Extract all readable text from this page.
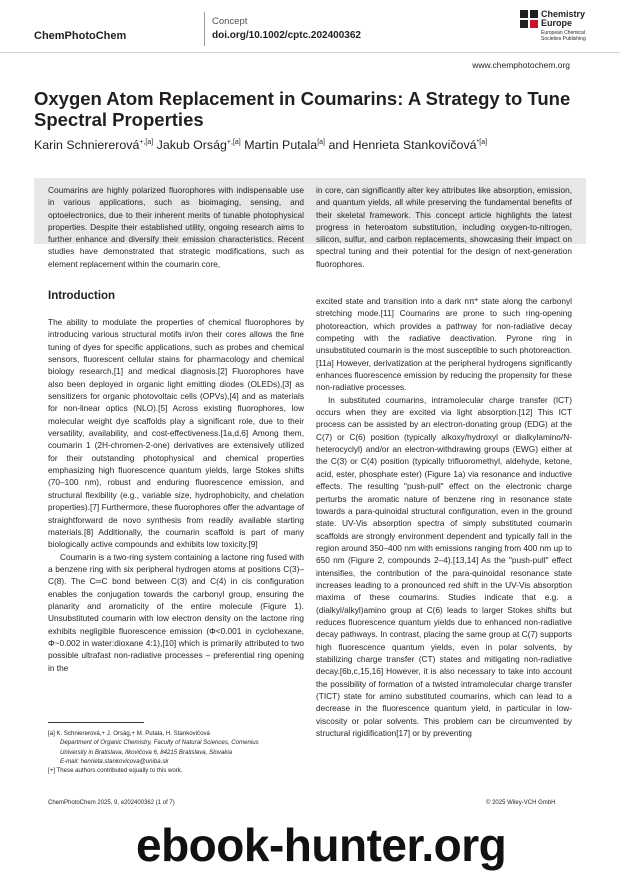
ChemPhotoChem
Concept
doi.org/10.1002/cptc.202400362
Chemistry
Europe
European Chemical Societies Publishing
www.chemphotochem.org
Oxygen Atom Replacement in Coumarins: A Strategy to Tune Spectral Properties
Karin Schniererová$^{+,[a]}$ Jakub Orság$^{+,[a]}$ Martin Putala[a] and Henrieta Stankovičová$^{*[a]}$
Coumarins are highly polarized fluorophores with indispensable use in various applications, such as bioimaging, sensing, and optoelectronics, due to their inherent merits of tunable photophysical properties. Despite their established utility, ongoing research aims to further enhance and diversify their emission characteristics. Recent studies have demonstrated that strategic modifications, such as element replacement within the coumarin core,
in core, can significantly alter key attributes like absorption, emission, and quantum yields, all while preserving the fundamental benefits of their skeletal framework. This concept article highlights the latest progress in heteroatom substitution, including oxygen-to-nitrogen, silicon, sulfur, and carbon replacements, showcasing their impact on spectral tuning and their potential for the design of next-generation fluorophores.
Introduction

The ability to modulate the properties of chemical fluorophores by introducing various structural motifs in/on their cores allows the fine tuning of dyes for specific applications, such as probes and chemical sensors, fluorescent cellular stains for pharmacology and chemical biology research,[1] and medical diagnosis.[2] Fluorophores have also been deployed in organic light emitting diodes (OLEDs),[3] as sensitizers for organic photovoltaic cells (OPVs),[4] and as materials for non-linear optics (NLO).[5] Across existing fluorophores, low molecular weight dye scaffolds play a significant role, due to their versatility, availability, and cost-effectiveness.[1a,d,6] Among them, coumarin 1 (2H-chromen-2-one) derivatives are extensively utilized for their outstanding photophysical and chemical properties emphasizing high fluorescence quantum yields, large Stokes shifts (70–100 nm), robust and enduring fluorescence emission, and structural flexibility (e.g., variable size, hydrophobicity, and chelation properties).[7] Furthermore, these fluorophores offer the advantage of straightforward de novo synthesis from readily available starting materials.[8] Additionally, the coumarin scaffold is part of many biologically active compounds and exhibits low toxicity.[9]

Coumarin is a two-ring system containing a lactone ring fused with a benzene ring with six peripheral hydrogen atoms at positions C(3)–C(8). The C═C bond between C(3) and C(4) in cis configuration enables the conjugation towards the carbonyl group, ensuring the planarity and aromaticity of the entire molecule (Figure 1). Unsubstituted coumarin with low electron density on the lactone ring exhibits negligible fluorescence emission (Φ<0.001 in cyclohexane, Φ~0.002 in water:dioxane 4:1),[10] which is primarily attributed to two possible ultrafast non-radiative processes – preferential ring opening in the

excited state and transition into a dark nπ* state along the carbonyl stretching mode.[11] Coumarins are prone to such ring-opening photoreaction, which provides a pathway for non-radiative decay competing with the radiative deactivation. Pyrone ring in unsubstituted coumarin is the most susceptible to such photoreaction.[11a] However, derivatization at the peripheral hydrogens significantly enhances fluorescence emission by reducing the propensity for these non-radiative processes.

In substituted coumarins, intramolecular charge transfer (ICT) occurs when they are excited via light absorption.[12] This ICT process can be assisted by an electron-donating group (EDG) at the C(7) or C(6) position (typically alkoxy/hydroxyl or dialkylamino/N-heterocyclyl) and/or an electron-withdrawing groups (EWG) either at the C(3) or C(4) position (typically trifluoromethyl, aldehyde, ketone, acid, ester, phosphate ester) (Figure 1a) via resonance and inductive effects. The resulting "push-pull" effect on the electronic charge perturbs the aromatic nature of benzene ring in resonance state towards a para-quinoidal structural configuration, even in the ground state. UV-Vis absorption spectra of simply substituted coumarin scaffolds are strongly environment dependent and typically fall in the region around 350–400 nm with emissions ranging from 400 nm up to 650 nm (Figure 2, compounds 2–4).[13,14] As the "push-pull" effect intensifies, the contribution of the para-quinoidal resonance state increases leading to a pronounced red shift in the UV-Vis absorption maxima of these coumarins. Studies indicate that e.g. a (dialkyl/alkyl)amino group at C(6) leads to larger Stokes shifts but reduces fluorescence quantum yields due to enhanced non-radiative decay pathways. In contrast, placing the same group at C(7) supports high fluorescence quantum yields, even in polar solvents, by stabilizing charge transfer (CT) states and mitigating non-radiative decay.[6b,c,15,16] However, it is also necessary to take into account the possibility of formation of a twisted intramolecular charge transfer (TICT) state for amino substituted coumarins, which can lead to a decrease in the fluorescence quantum yield, in particular in low-viscosity or polar solvents. This problem can be circumvented by structural rigidification[17] or by preventing

[a] K. Schniererová,+ J. Orság,+ M. Putala, H. Stankovičová
Department of Organic Chemistry, Faculty of Natural Sciences, Comenius
University in Bratislava, Ilkovičova 6, 84215 Bratislava, Slovakia
E-mail: henrieta.stankovicova@uniba.sk
[+] These authors contributed equally to this work.
ChemPhotoChem 2025, 9, e202400362 (1 of 7)	© 2025 Wiley-VCH GmbH
ebook-hunter.org
